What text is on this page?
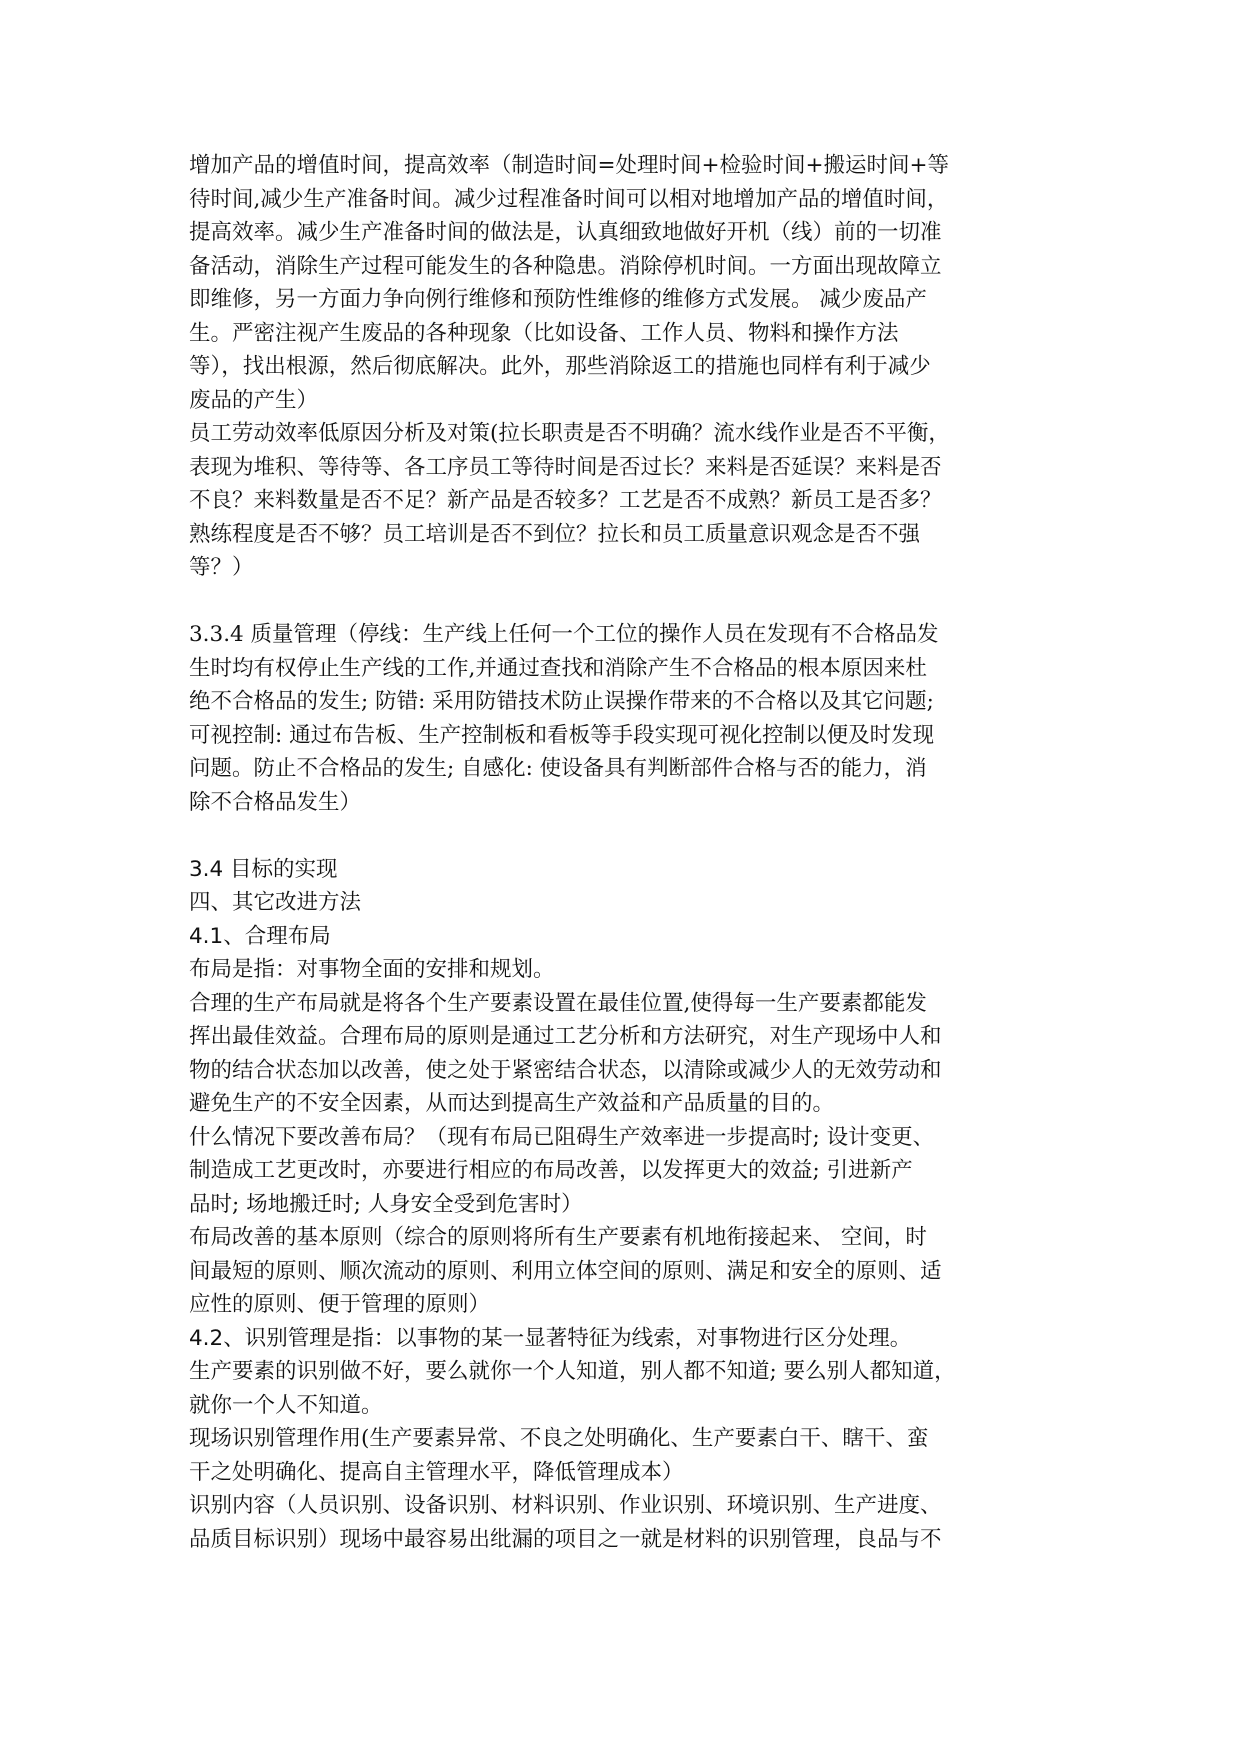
增加产品的增值时间，提高效率（制造时间=处理时间+检验时间+搬运时间+等
待时间,减少生产准备时间。减少过程准备时间可以相对地增加产品的增值时间，
提高效率。减少生产准备时间的做法是，认真细致地做好开机（线）前的一切准
备活动，消除生产过程可能发生的各种隐患。消除停机时间。一方面出现故障立
即维修，另一方面力争向例行维修和预防性维修的维修方式发展。 减少废品产
生。严密注视产生废品的各种现象（比如设备、工作人员、物料和操作方法
等），找出根源，然后彻底解决。此外，那些消除返工的措施也同样有利于减少
废品的产生）
员工劳动效率低原因分析及对策(拉长职责是否不明确？流水线作业是否不平衡，
表现为堆积、等待等、各工序员工等待时间是否过长？来料是否延误？来料是否
不良？来料数量是否不足？新产品是否较多？工艺是否不成熟？新员工是否多？
熟练程度是否不够？员工培训是否不到位？拉长和员工质量意识观念是否不强
等？）
3.3.4 质量管理（停线：生产线上任何一个工位的操作人员在发现有不合格品发
生时均有权停止生产线的工作,并通过查找和消除产生不合格品的根本原因来杜
绝不合格品的发生; 防错: 采用防错技术防止误操作带来的不合格以及其它问题;
可视控制: 通过布告板、生产控制板和看板等手段实现可视化控制以便及时发现
问题。防止不合格品的发生; 自感化: 使设备具有判断部件合格与否的能力，消
除不合格品发生）
3.4 目标的实现
四、其它改进方法
4.1、合理布局
布局是指：对事物全面的安排和规划。
合理的生产布局就是将各个生产要素设置在最佳位置,使得每一生产要素都能发
挥出最佳效益。合理布局的原则是通过工艺分析和方法研究，对生产现场中人和
物的结合状态加以改善，使之处于紧密结合状态，以清除或减少人的无效劳动和
避免生产的不安全因素，从而达到提高生产效益和产品质量的目的。
什么情况下要改善布局？（现有布局已阻碍生产效率进一步提高时; 设计变更、
制造成工艺更改时，亦要进行相应的布局改善，以发挥更大的效益; 引进新产
品时; 场地搬迁时; 人身安全受到危害时）
布局改善的基本原则（综合的原则将所有生产要素有机地衔接起来、 空间，时
间最短的原则、顺次流动的原则、利用立体空间的原则、满足和安全的原则、适
应性的原则、便于管理的原则）
4.2、识别管理是指：以事物的某一显著特征为线索，对事物进行区分处理。
生产要素的识别做不好，要么就你一个人知道，别人都不知道; 要么别人都知道，
就你一个人不知道。
现场识别管理作用(生产要素异常、不良之处明确化、生产要素白干、瞎干、蛮
干之处明确化、提高自主管理水平，降低管理成本）
识别内容（人员识别、设备识别、材料识别、作业识别、环境识别、生产进度、
品质目标识别）现场中最容易出纰漏的项目之一就是材料的识别管理，良品与不
